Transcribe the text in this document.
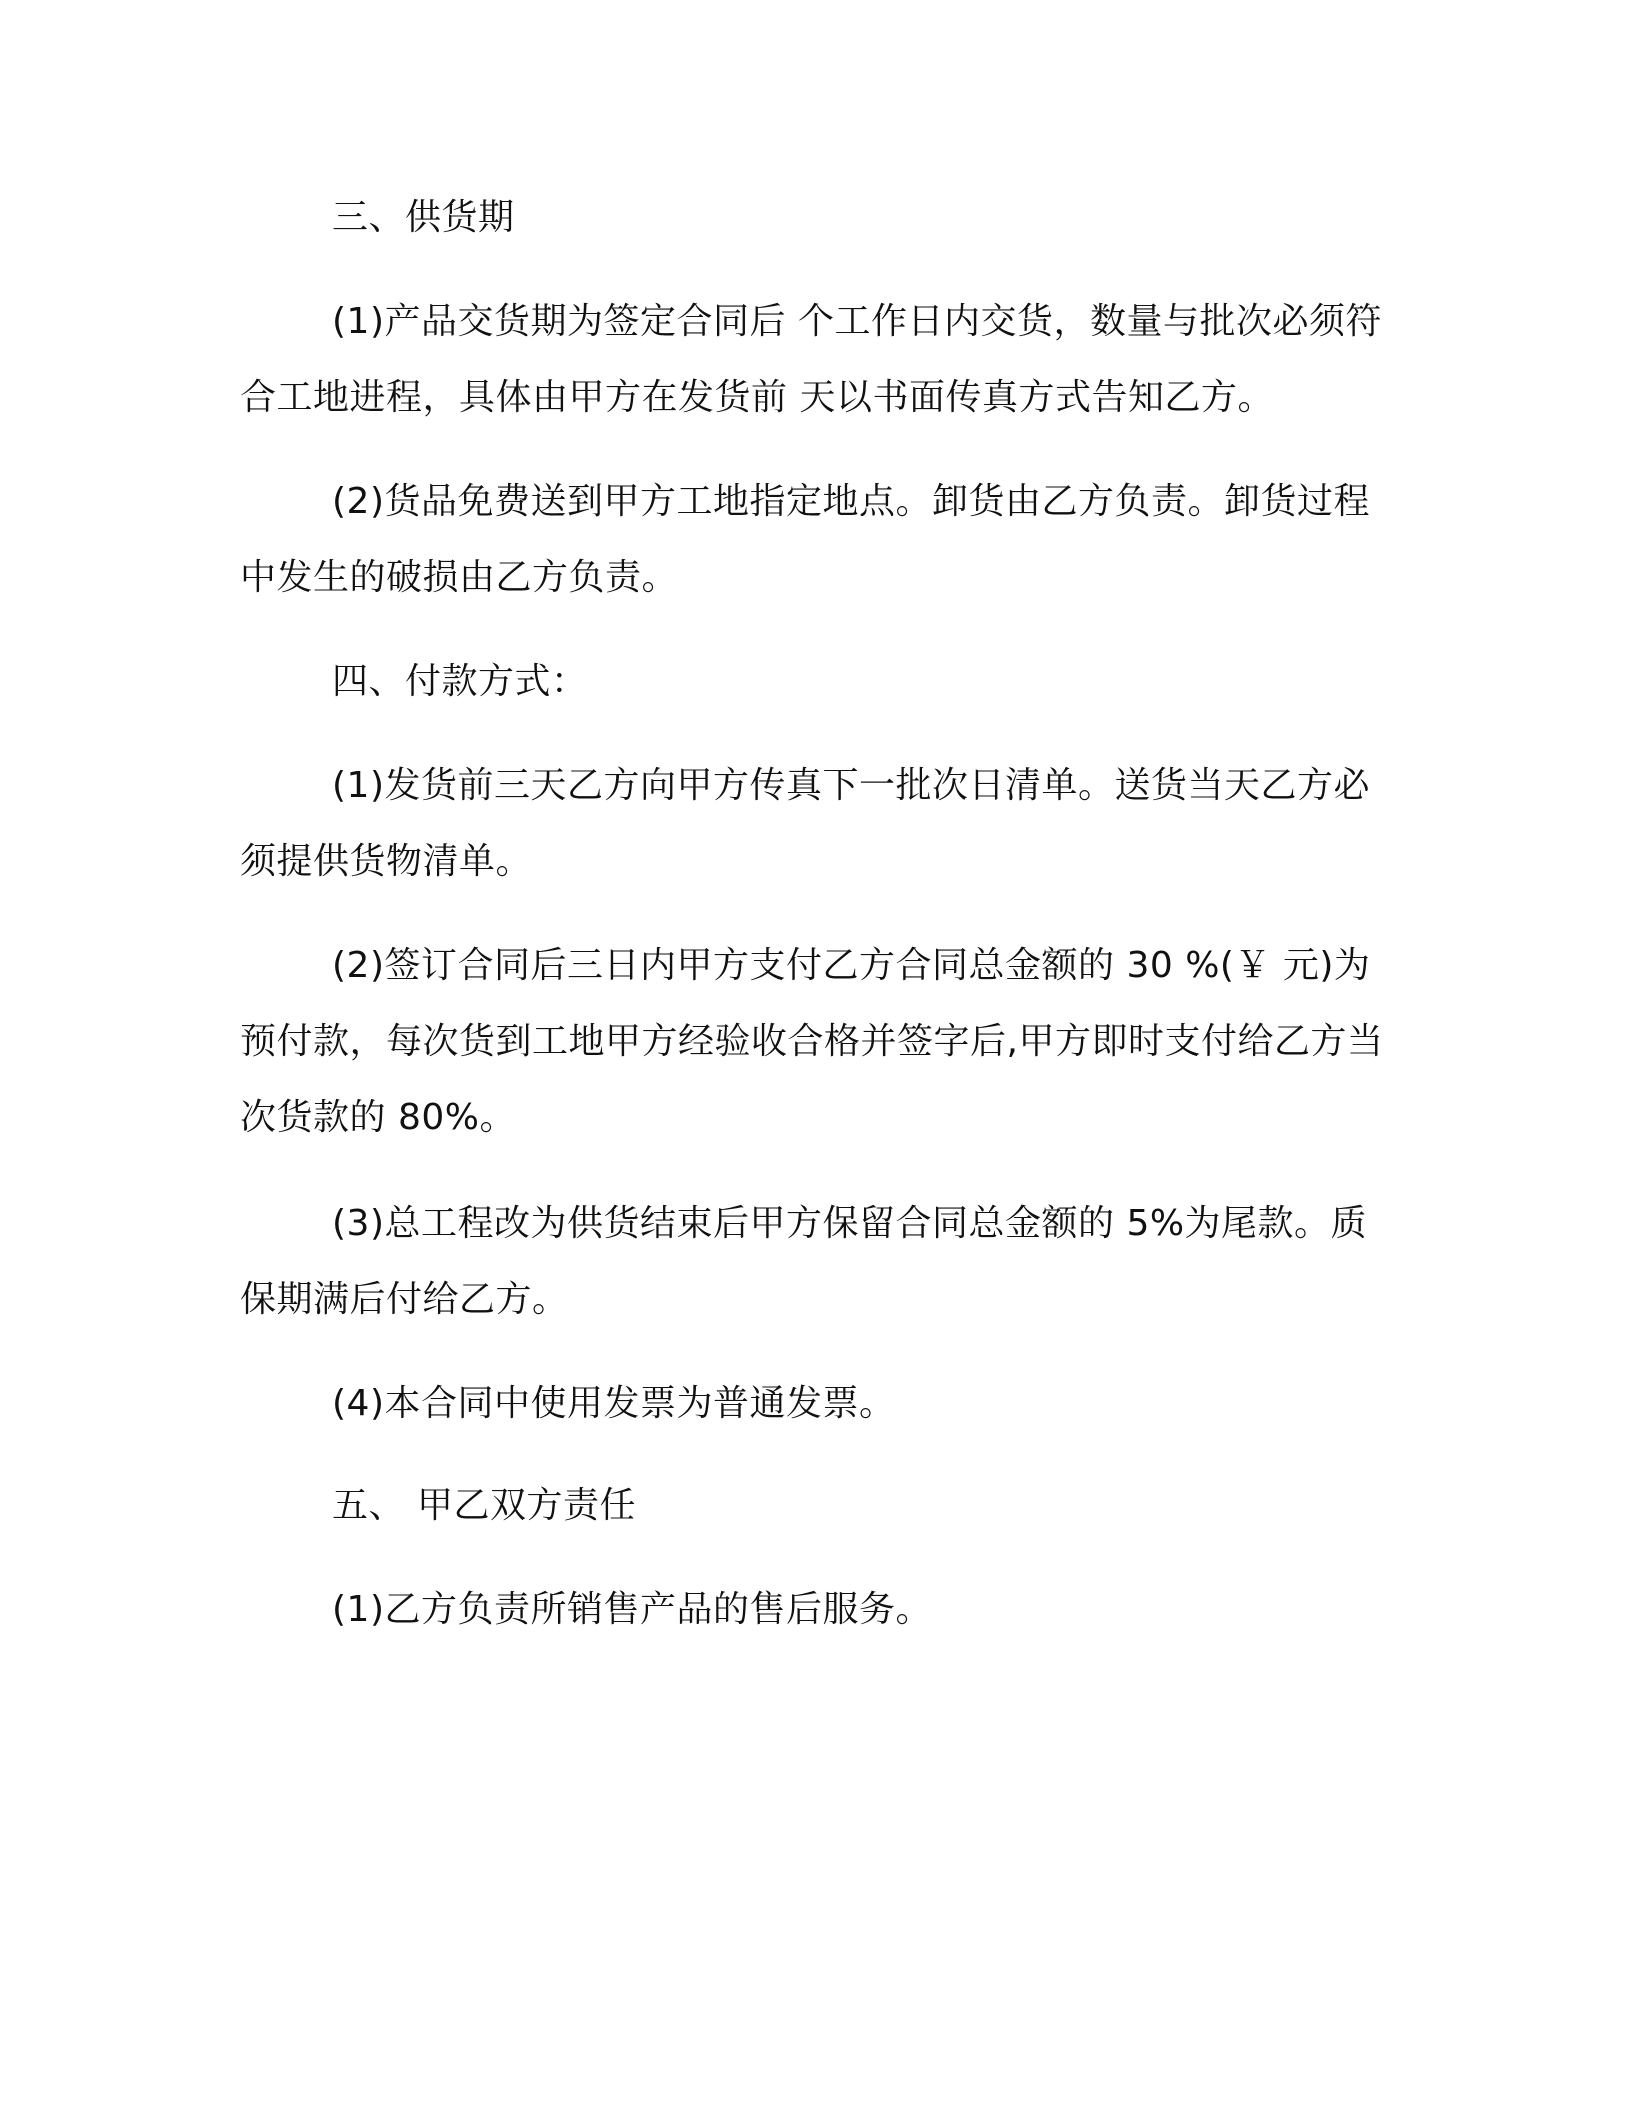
三、供货期

(1)产品交货期为签定合同后 个工作日内交货，数量与批次必须符合工地进程，具体由甲方在发货前 天以书面传真方式告知乙方。

(2)货品免费送到甲方工地指定地点。卸货由乙方负责。卸货过程中发生的破损由乙方负责。

四、付款方式：

(1)发货前三天乙方向甲方传真下一批次日清单。送货当天乙方必须提供货物清单。

(2)签订合同后三日内甲方支付乙方合同总金额的 30 %(￥ 元)为预付款，每次货到工地甲方经验收合格并签字后,甲方即时支付给乙方当次货款的 80%。

(3)总工程改为供货结束后甲方保留合同总金额的 5%为尾款。质保期满后付给乙方。

(4)本合同中使用发票为普通发票。

五、 甲乙双方责任

(1)乙方负责所销售产品的售后服务。
